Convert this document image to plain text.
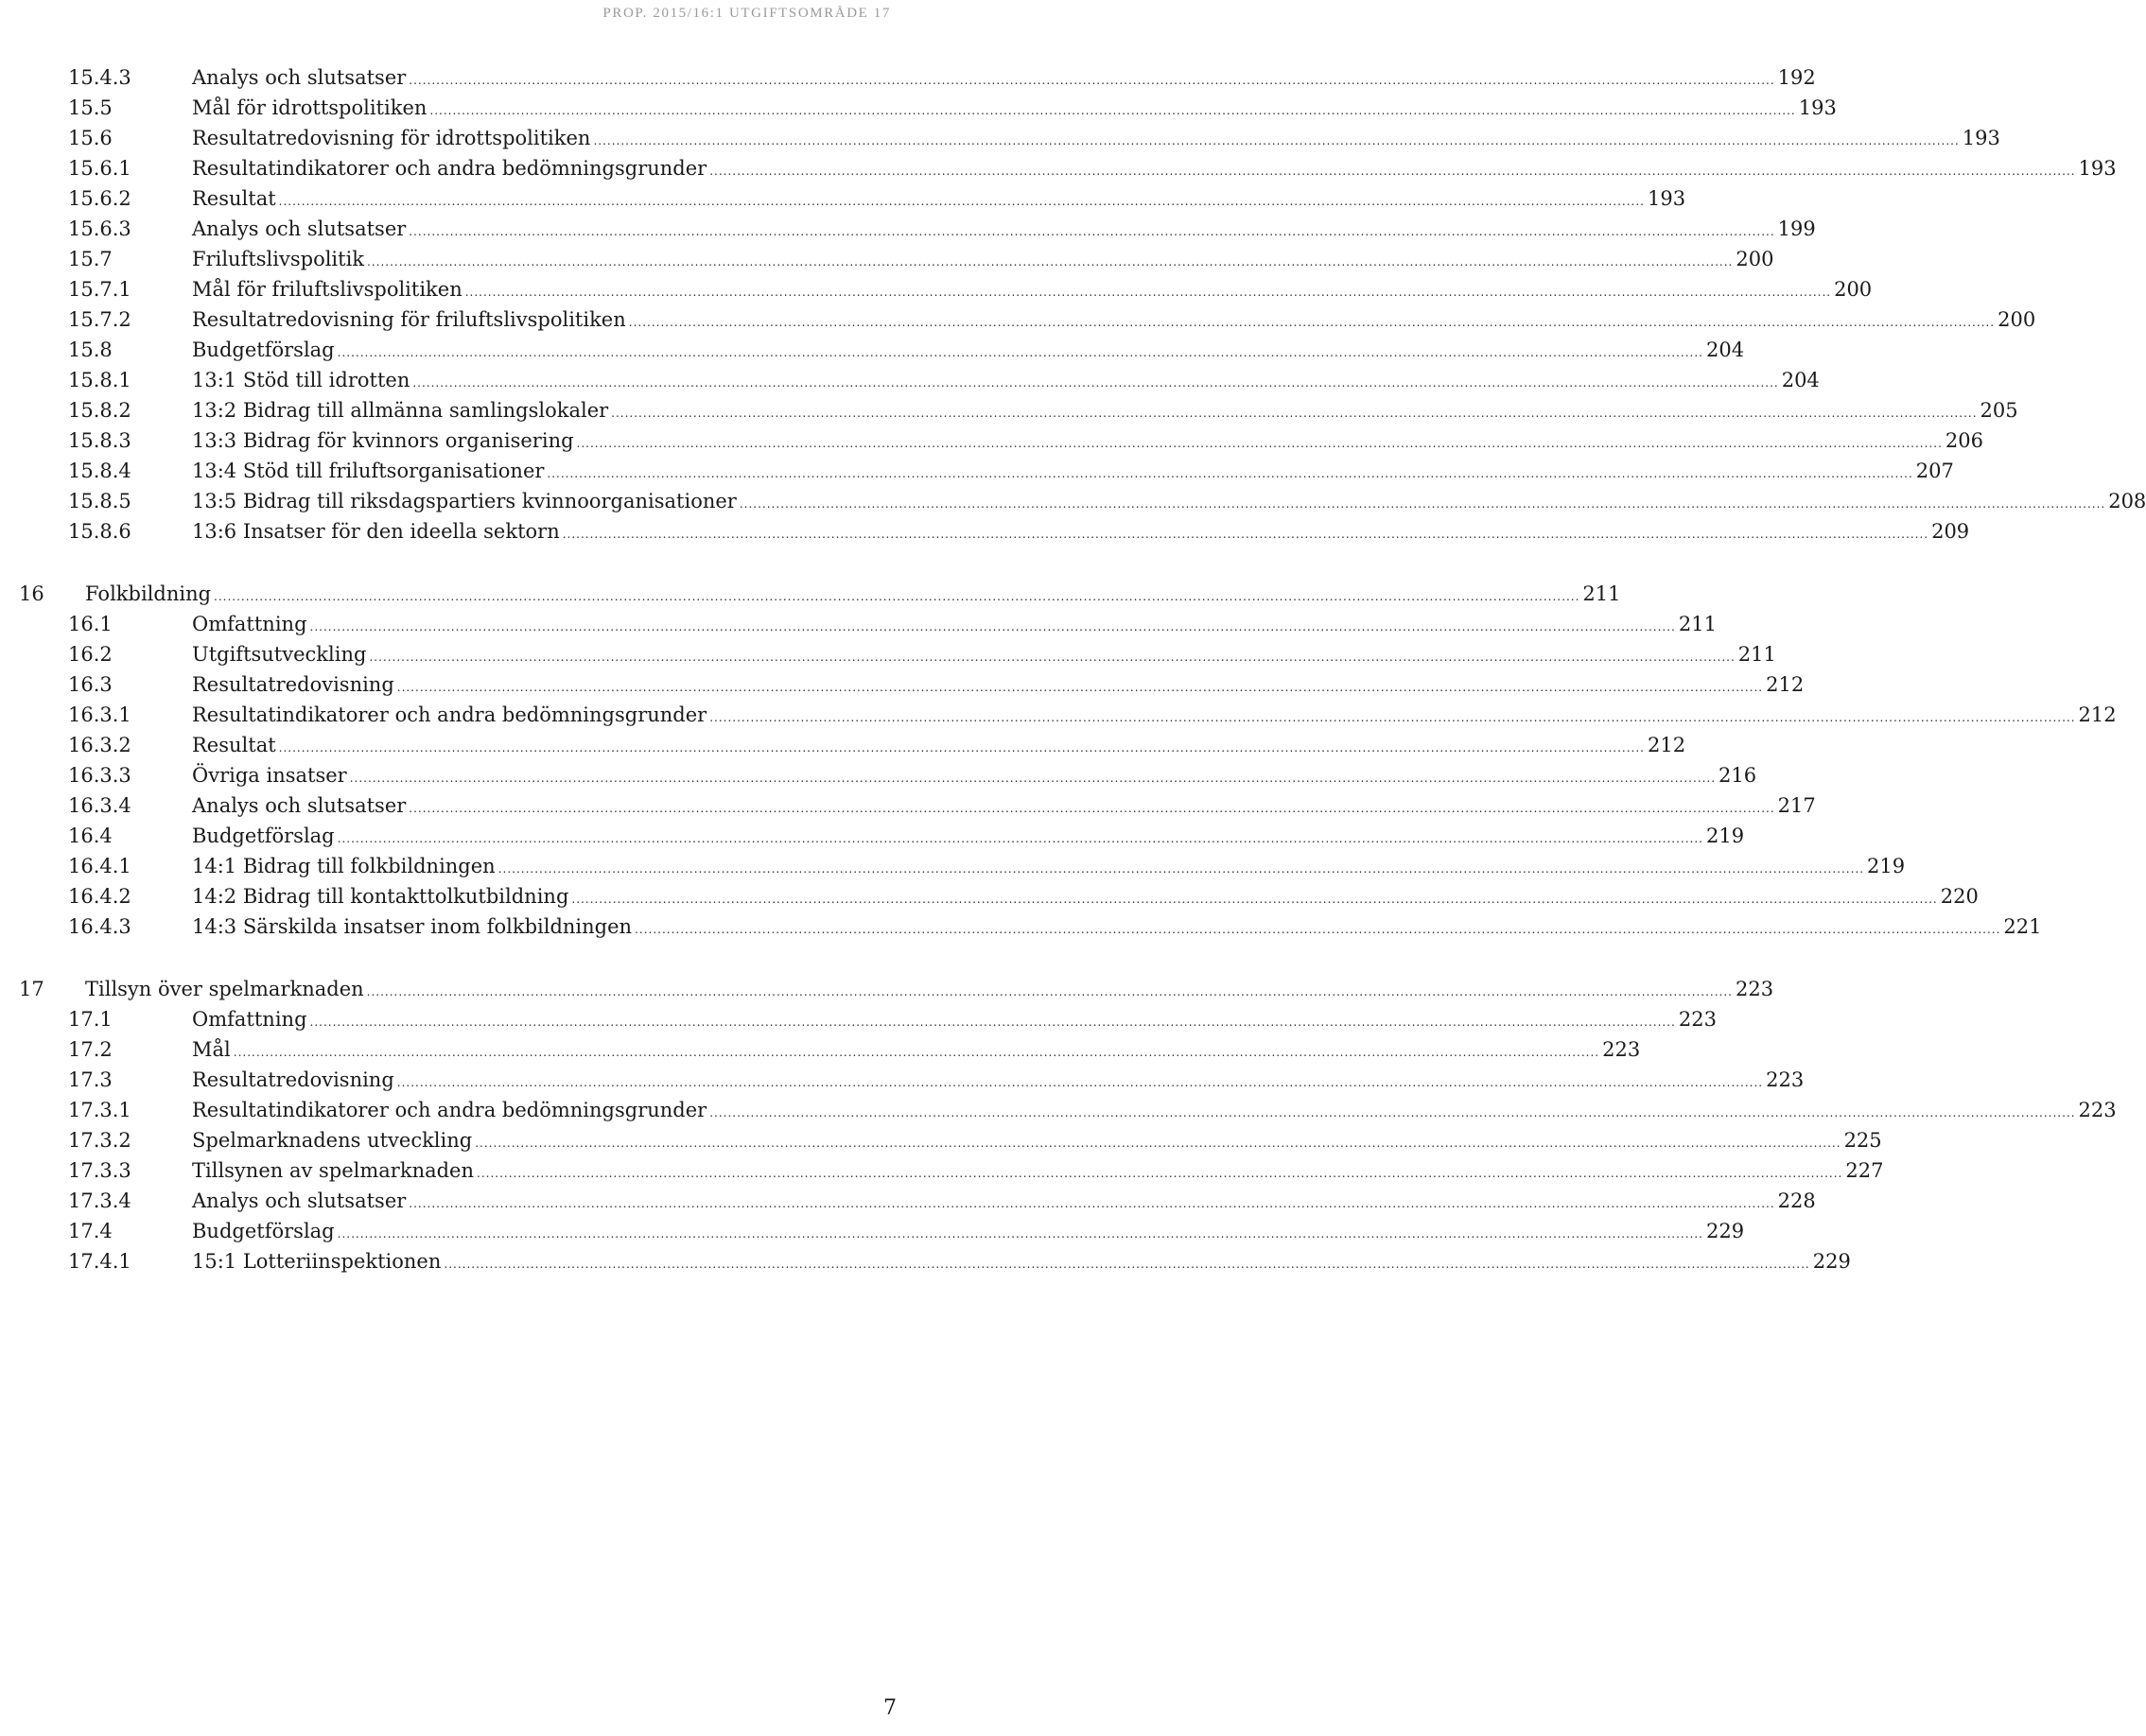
PROP. 2015/16:1 UTGIFTSOMRÅDE 17
15.4.3	Analys och slutsatser ............................................................................................................................................................................................................................................................................................................ 192
15.5	Mål för idrottspolitiken ............................................................................................................................................................................................................................................................................................................ 193
15.6	Resultatredovisning för idrottspolitiken ............................................................................................................................................................................................................................................................................................................ 193
15.6.1	Resultatindikatorer och andra bedömningsgrunder ............................................................................................................................................................................................................................................................................................................ 193
15.6.2	Resultat ............................................................................................................................................................................................................................................................................................................ 193
15.6.3	Analys och slutsatser ............................................................................................................................................................................................................................................................................................................ 199
15.7	Friluftslivspolitik ............................................................................................................................................................................................................................................................................................................ 200
15.7.1	Mål för friluftslivspolitiken ............................................................................................................................................................................................................................................................................................................ 200
15.7.2	Resultatredovisning för friluftslivspolitiken ............................................................................................................................................................................................................................................................................................................ 200
15.8	Budgetförslag ............................................................................................................................................................................................................................................................................................................ 204
15.8.1	13:1 Stöd till idrotten ............................................................................................................................................................................................................................................................................................................ 204
15.8.2	13:2 Bidrag till allmänna samlingslokaler ............................................................................................................................................................................................................................................................................................................ 205
15.8.3	13:3 Bidrag för kvinnors organisering ............................................................................................................................................................................................................................................................................................................ 206
15.8.4	13:4 Stöd till friluftsorganisationer ............................................................................................................................................................................................................................................................................................................ 207
15.8.5	13:5 Bidrag till riksdagspartiers kvinnoorganisationer ............................................................................................................................................................................................................................................................................................................ 208
15.8.6	13:6 Insatser för den ideella sektorn ............................................................................................................................................................................................................................................................................................................ 209
16	Folkbildning ............................................................................................................................................................................................................................................................................................................ 211
16.1	Omfattning ............................................................................................................................................................................................................................................................................................................ 211
16.2	Utgiftsutveckling ............................................................................................................................................................................................................................................................................................................ 211
16.3	Resultatredovisning ............................................................................................................................................................................................................................................................................................................ 212
16.3.1	Resultatindikatorer och andra bedömningsgrunder ............................................................................................................................................................................................................................................................................................................ 212
16.3.2	Resultat ............................................................................................................................................................................................................................................................................................................ 212
16.3.3	Övriga insatser ............................................................................................................................................................................................................................................................................................................ 216
16.3.4	Analys och slutsatser ............................................................................................................................................................................................................................................................................................................ 217
16.4	Budgetförslag ............................................................................................................................................................................................................................................................................................................ 219
16.4.1	14:1 Bidrag till folkbildningen ............................................................................................................................................................................................................................................................................................................ 219
16.4.2	14:2 Bidrag till kontakttolkutbildning ............................................................................................................................................................................................................................................................................................................ 220
16.4.3	14:3 Särskilda insatser inom folkbildningen ............................................................................................................................................................................................................................................................................................................ 221
17	Tillsyn över spelmarknaden ............................................................................................................................................................................................................................................................................................................ 223
17.1	Omfattning ............................................................................................................................................................................................................................................................................................................ 223
17.2	Mål ............................................................................................................................................................................................................................................................................................................ 223
17.3	Resultatredovisning ............................................................................................................................................................................................................................................................................................................ 223
17.3.1	Resultatindikatorer och andra bedömningsgrunder ............................................................................................................................................................................................................................................................................................................ 223
17.3.2	Spelmarknadens utveckling ............................................................................................................................................................................................................................................................................................................ 225
17.3.3	Tillsynen av spelmarknaden ............................................................................................................................................................................................................................................................................................................ 227
17.3.4	Analys och slutsatser ............................................................................................................................................................................................................................................................................................................ 228
17.4	Budgetförslag ............................................................................................................................................................................................................................................................................................................ 229
17.4.1	15:1 Lotteriinspektionen ............................................................................................................................................................................................................................................................................................................ 229
7
